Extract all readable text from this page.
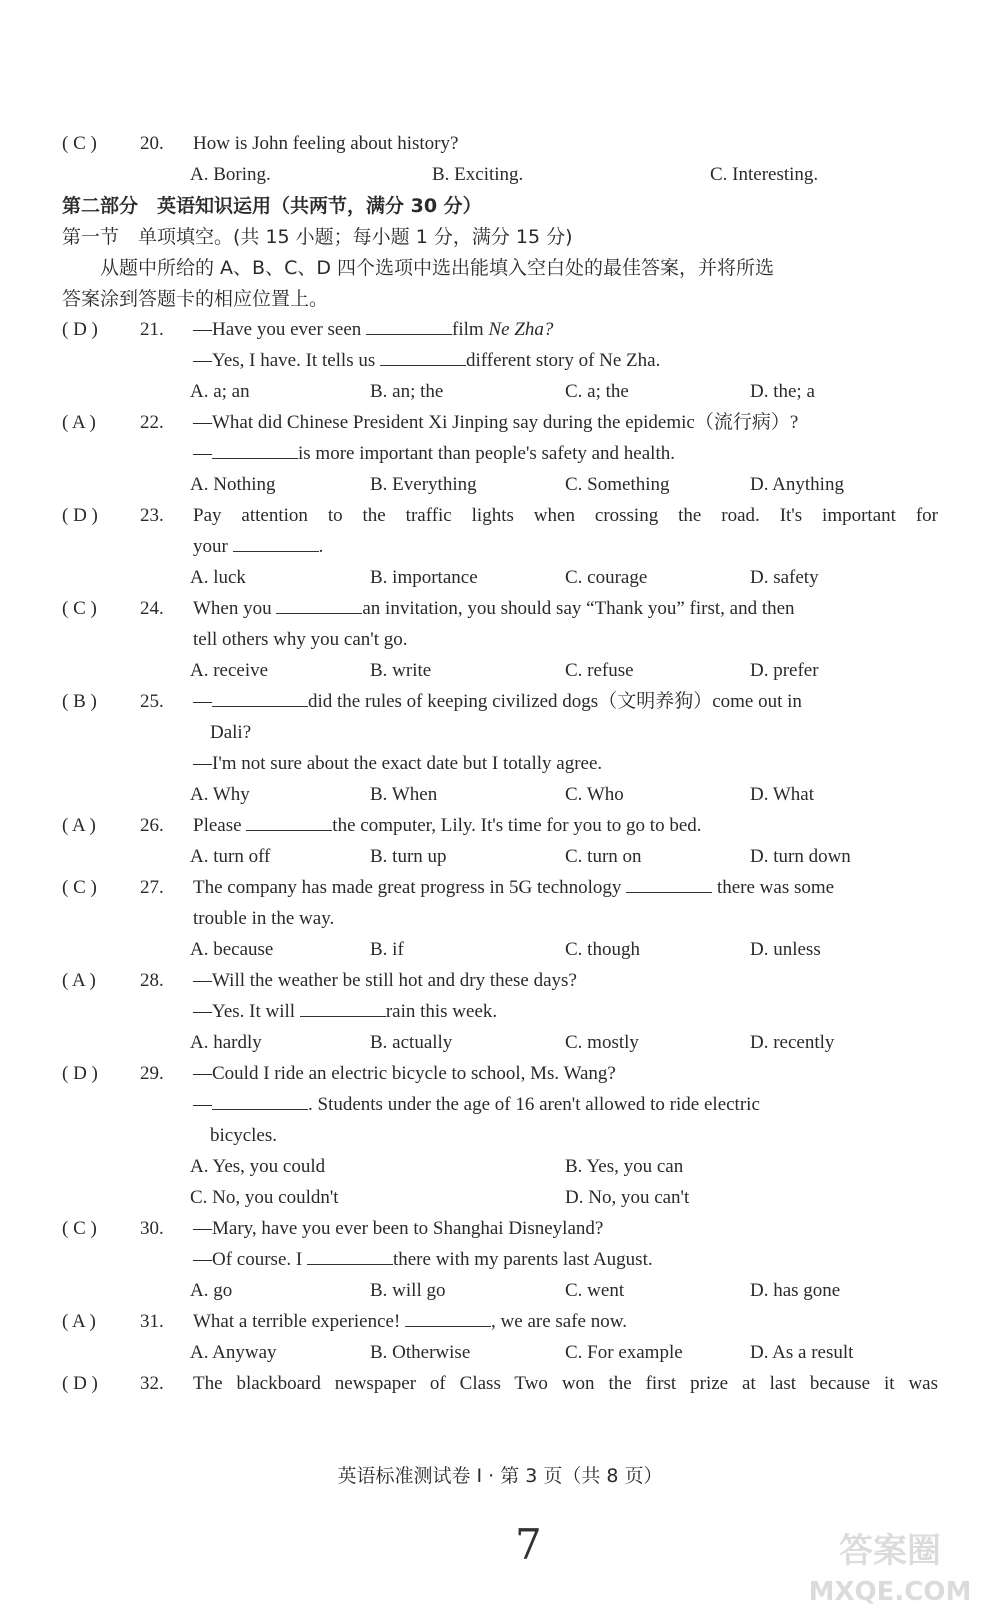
( C ) 20. How is John feeling about history?
A. Boring.	B. Exciting.	C. Interesting.
第二部分　英语知识运用（共两节，满分 30 分）
第一节　单项填空。(共 15 小题；每小题 1 分，满分 15 分)
从题中所给的 A、B、C、D 四个选项中选出能填入空白处的最佳答案，并将所选
答案涂到答题卡的相应位置上。
( D ) 21. —Have you ever seen	film Ne Zha?
—Yes, I have. It tells us	different story of Ne Zha.
A. a; an	B. an; the	C. a; the	D. the; a
( A ) 22. —What did Chinese President Xi Jinping say during the epidemic（流行病）?
—	is more important than people's safety and health.
A. Nothing	B. Everything	C. Something	D. Anything
( D ) 23. Pay attention to the traffic lights when crossing the road. It's important for
your	.
A. luck	B. importance	C. courage	D. safety
( C ) 24. When you	an invitation, you should say “Thank you” first, and then
tell others why you can't go.
A. receive	B. write	C. refuse	D. prefer
( B ) 25. —	did the rules of keeping civilized dogs（文明养狗）come out in
Dali?
—I'm not sure about the exact date but I totally agree.
A. Why	B. When	C. Who	D. What
( A ) 26. Please	the computer, Lily. It's time for you to go to bed.
A. turn off	B. turn up	C. turn on	D. turn down
( C ) 27. The company has made great progress in 5G technology	there was some
trouble in the way.
A. because	B. if	C. though	D. unless
( A ) 28. —Will the weather be still hot and dry these days?
—Yes. It will	rain this week.
A. hardly	B. actually	C. mostly	D. recently
( D ) 29. —Could I ride an electric bicycle to school, Ms. Wang?
—	. Students under the age of 16 aren't allowed to ride electric
bicycles.
A. Yes, you could	B. Yes, you can
C. No, you couldn't	D. No, you can't
( C ) 30. —Mary, have you ever been to Shanghai Disneyland?
—Of course. I	there with my parents last August.
A. go	B. will go	C. went	D. has gone
( A ) 31. What a terrible experience!	, we are safe now.
A. Anyway	B. Otherwise	C. For example	D. As a result
( D ) 32. The blackboard newspaper of Class Two won the first prize at last because it was
英语标准测试卷 I · 第 3 页（共 8 页）
7	答案圈
MXQE.COM
